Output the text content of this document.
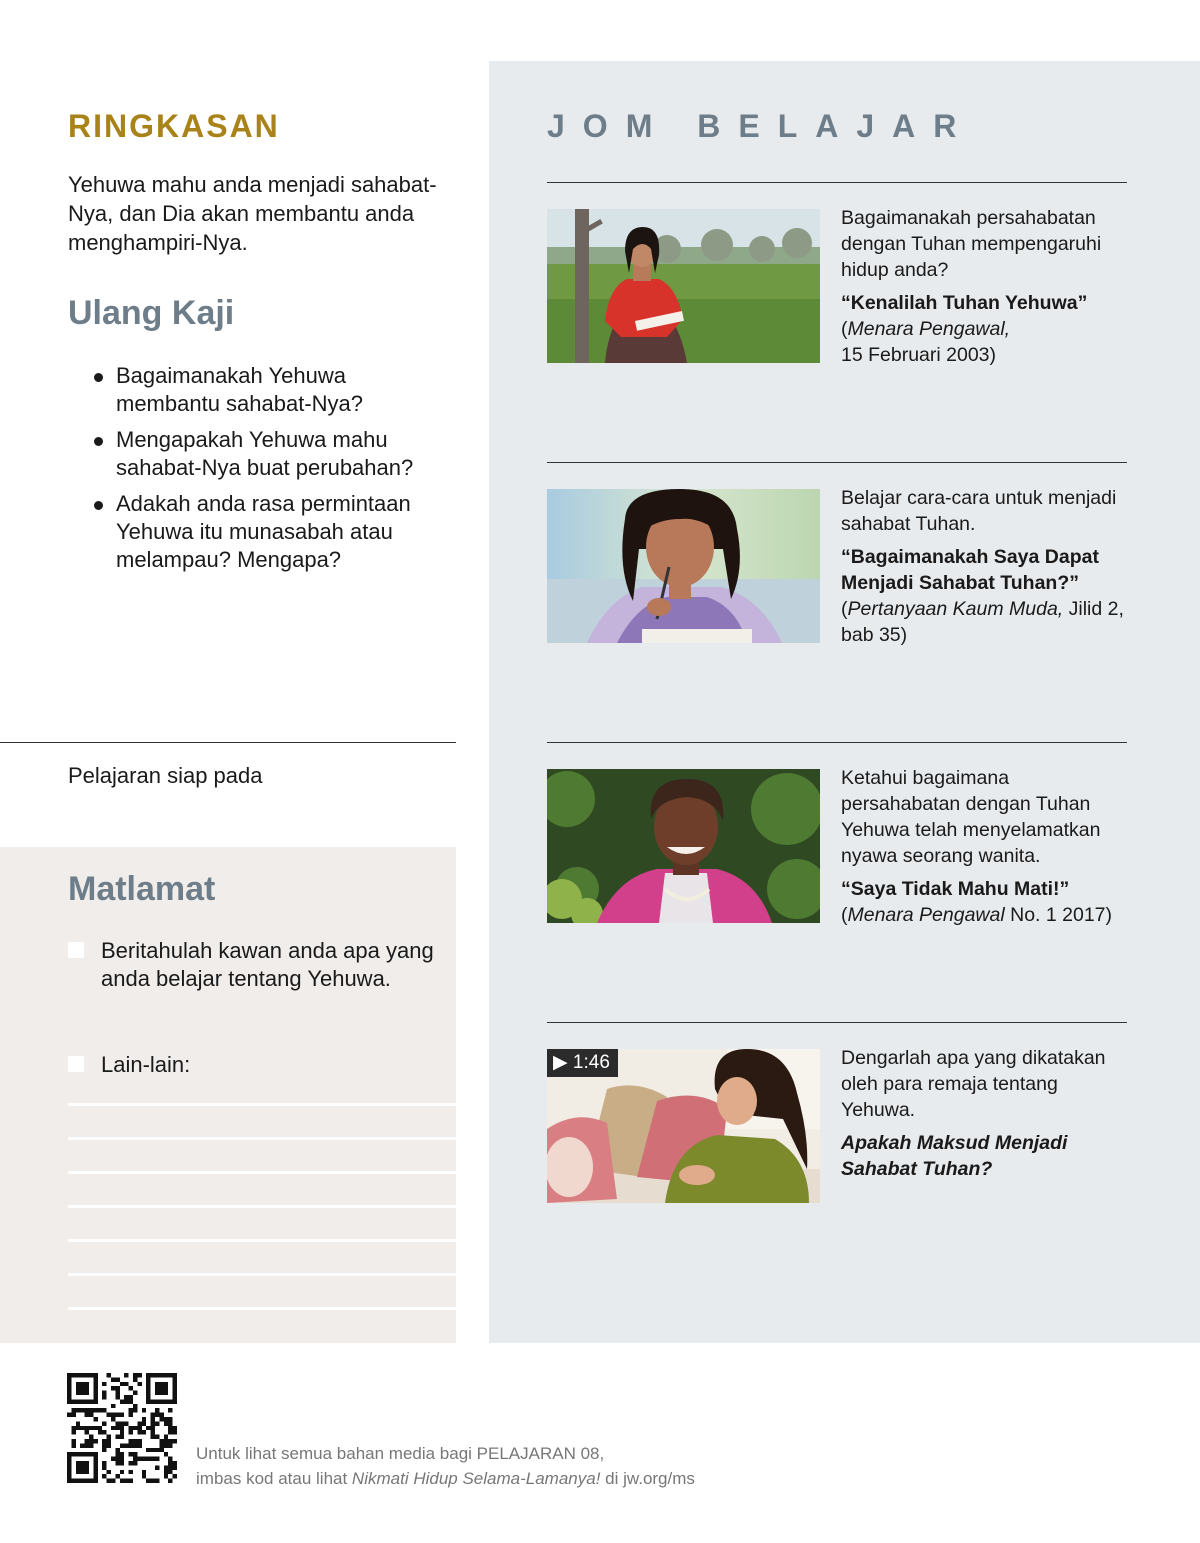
RINGKASAN
Yehuwa mahu anda menjadi sahabat-Nya, dan Dia akan membantu anda menghampiri-Nya.
Ulang Kaji
Bagaimanakah Yehuwa membantu sahabat-Nya?
Mengapakah Yehuwa mahu sahabat-Nya buat perubahan?
Adakah anda rasa permintaan Yehuwa itu munasabah atau melampau? Mengapa?
Pelajaran siap pada
Matlamat
Beritahulah kawan anda apa yang anda belajar tentang Yehuwa.
Lain-lain:
JOM BELAJAR
Bagaimanakah persahabatan dengan Tuhan mempengaruhi hidup anda?
“Kenalilah Tuhan Yehuwa”
(Menara Pengawal,
15 Februari 2003)
Belajar cara-cara untuk menjadi sahabat Tuhan.
“Bagaimanakah Saya Dapat Menjadi Sahabat Tuhan?”
(Pertanyaan Kaum Muda, Jilid 2, bab 35)
Ketahui bagaimana persahabatan dengan Tuhan Yehuwa telah menyelamatkan nyawa seorang wanita.
“Saya Tidak Mahu Mati!”
(Menara Pengawal No. 1 2017)
▶ 1:46	Dengarlah apa yang dikatakan oleh para remaja tentang Yehuwa.
Apakah Maksud Menjadi Sahabat Tuhan?
Untuk lihat semua bahan media bagi PELAJARAN 08,
imbas kod atau lihat Nikmati Hidup Selama-Lamanya! di jw.org/ms
